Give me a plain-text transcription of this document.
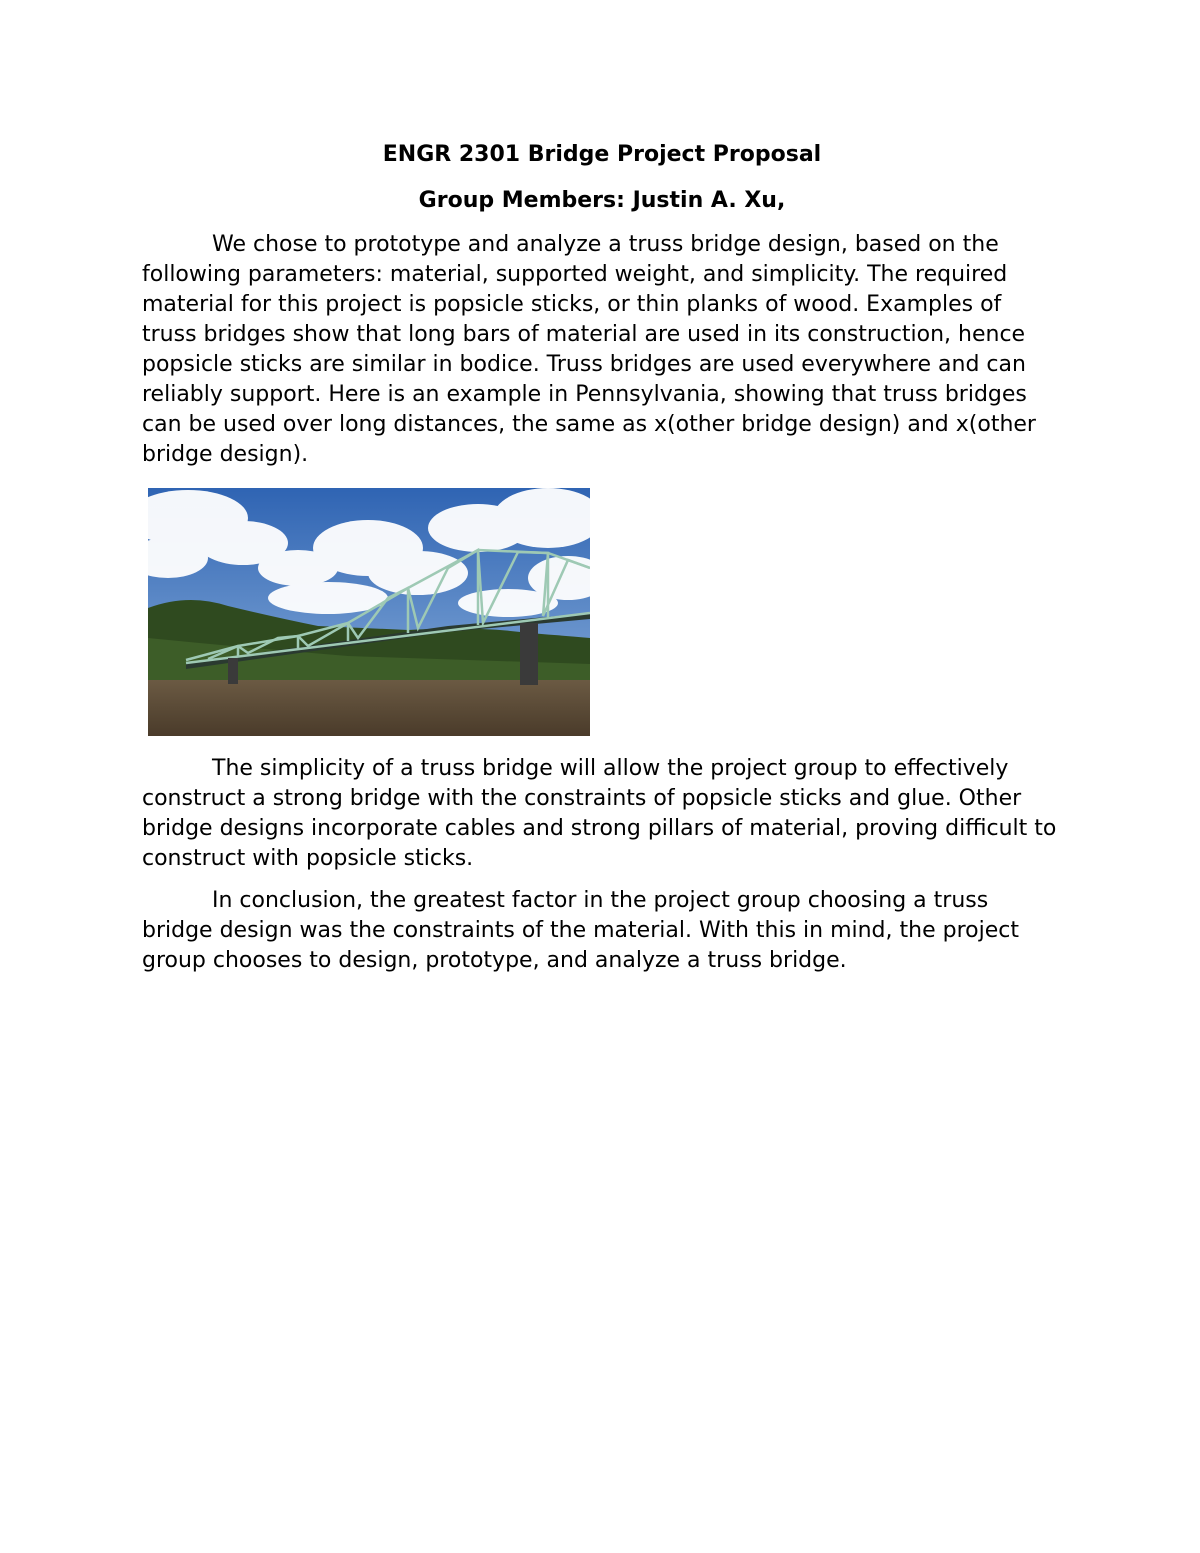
ENGR 2301 Bridge Project Proposal

Group Members: Justin A. Xu,

We chose to prototype and analyze a truss bridge design, based on the following parameters: material, supported weight, and simplicity. The required material for this project is popsicle sticks, or thin planks of wood. Examples of truss bridges show that long bars of material are used in its construction, hence popsicle sticks are similar in bodice. Truss bridges are used everywhere and can reliably support. Here is an example in Pennsylvania, showing that truss bridges can be used over long distances, the same as x(other bridge design) and x(other bridge design).

The simplicity of a truss bridge will allow the project group to effectively construct a strong bridge with the constraints of popsicle sticks and glue. Other bridge designs incorporate cables and strong pillars of material, proving difficult to construct with popsicle sticks.

In conclusion, the greatest factor in the project group choosing a truss bridge design was the constraints of the material. With this in mind, the project group chooses to design, prototype, and analyze a truss bridge.
